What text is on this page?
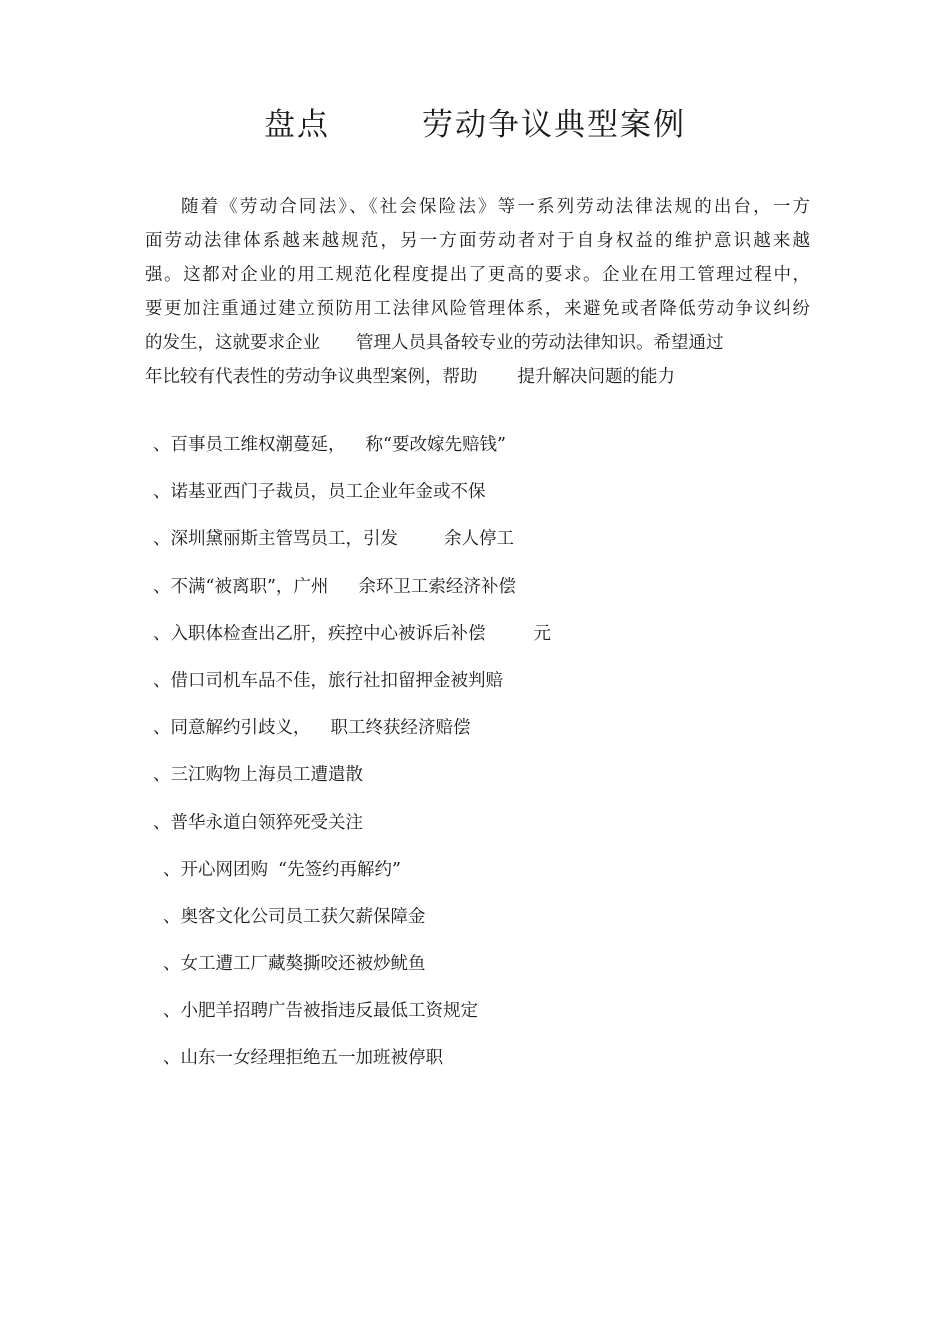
盘点	劳动争议典型案例
随着《劳动合同法》、《社会保险法》等一系列劳动法律法规的出台，一方
面劳动法律体系越来越规范，另一方面劳动者对于自身权益的维护意识越来越
强。这都对企业的用工规范化程度提出了更高的要求。企业在用工管理过程中，
要更加注重通过建立预防用工法律风险管理体系，来避免或者降低劳动争议纠纷
的发生，这就要求企业 管理人员具备较专业的劳动法律知识。希望通过
年比较有代表性的劳动争议典型案例，帮助 提升解决问题的能力
、百事员工维权潮蔓延， 称“要改嫁先赔钱”
、诺基亚西门子裁员，员工企业年金或不保
、深圳黛丽斯主管骂员工，引发	余人停工
、不满“被离职”，广州 余环卫工索经济补偿
、入职体检查出乙肝，疾控中心被诉后补偿	元
、借口司机车品不佳，旅行社扣留押金被判赔
、同意解约引歧义， 职工终获经济赔偿
、三江购物上海员工遭遣散
、普华永道白领猝死受关注
、开心网团购 “先签约再解约”
、奥客文化公司员工获欠薪保障金
、女工遭工厂藏獒撕咬还被炒鱿鱼
、小肥羊招聘广告被指违反最低工资规定
、山东一女经理拒绝五一加班被停职
